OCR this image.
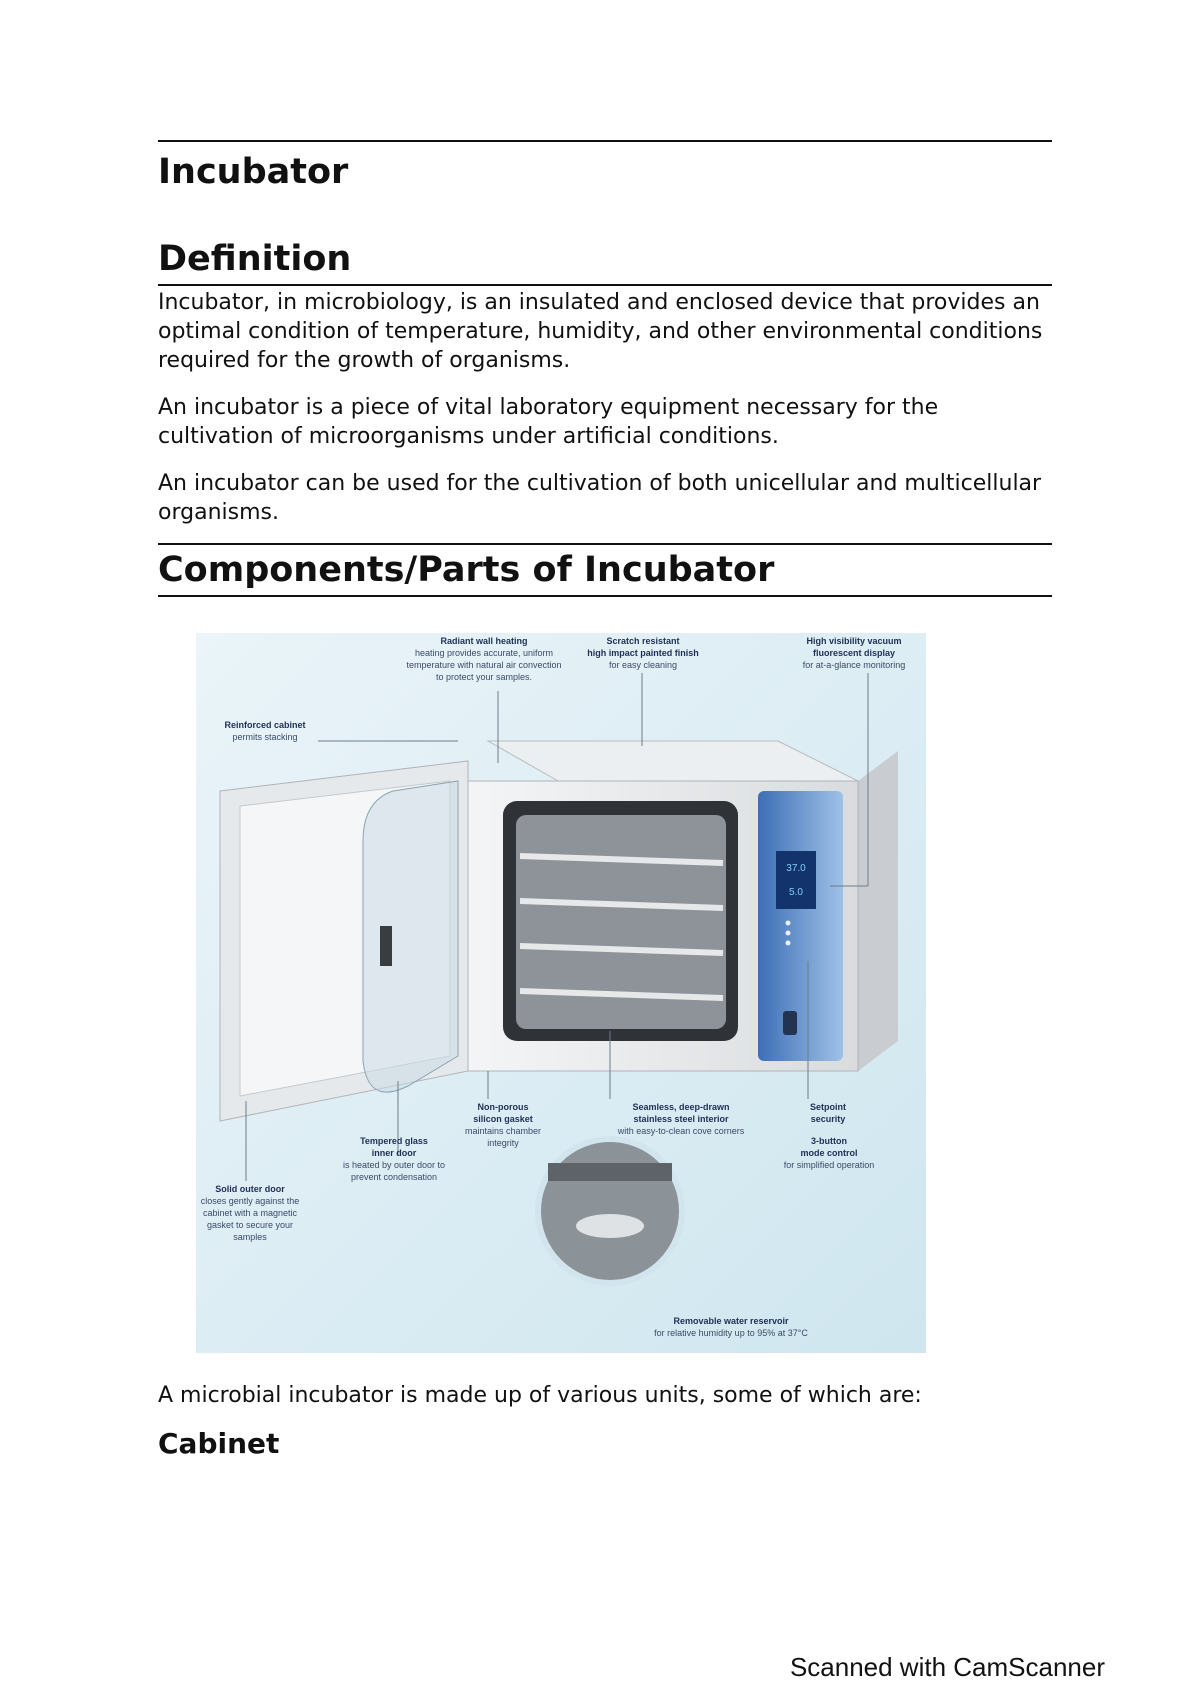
Incubator
Definition

Incubator, in microbiology, is an insulated and enclosed device that provides an optimal condition of temperature, humidity, and other environmental conditions required for the growth of organisms.

An incubator is a piece of vital laboratory equipment necessary for the cultivation of microorganisms under artificial conditions.

An incubator can be used for the cultivation of both unicellular and multicellular organisms.

Components/Parts of Incubator
37.0
5.0
Radiant wall heating
heating provides accurate, uniform temperature with natural air convection to protect your samples.
Scratch resistant
high impact painted finish
for easy cleaning
High visibility vacuum
fluorescent display
for at-a-glance monitoring
Reinforced cabinet
permits stacking
Non-porous
silicon gasket
maintains chamber integrity
Seamless, deep-drawn
stainless steel interior
with easy-to-clean cove corners
Setpoint
security
3-button
mode control
for simplified operation
Tempered glass
inner door
is heated by outer door to prevent condensation
Solid outer door
closes gently against the cabinet with a magnetic gasket to secure your samples
Removable water reservoir
for relative humidity up to 95% at 37°C

A microbial incubator is made up of various units, some of which are:

Cabinet
Scanned with CamScanner
